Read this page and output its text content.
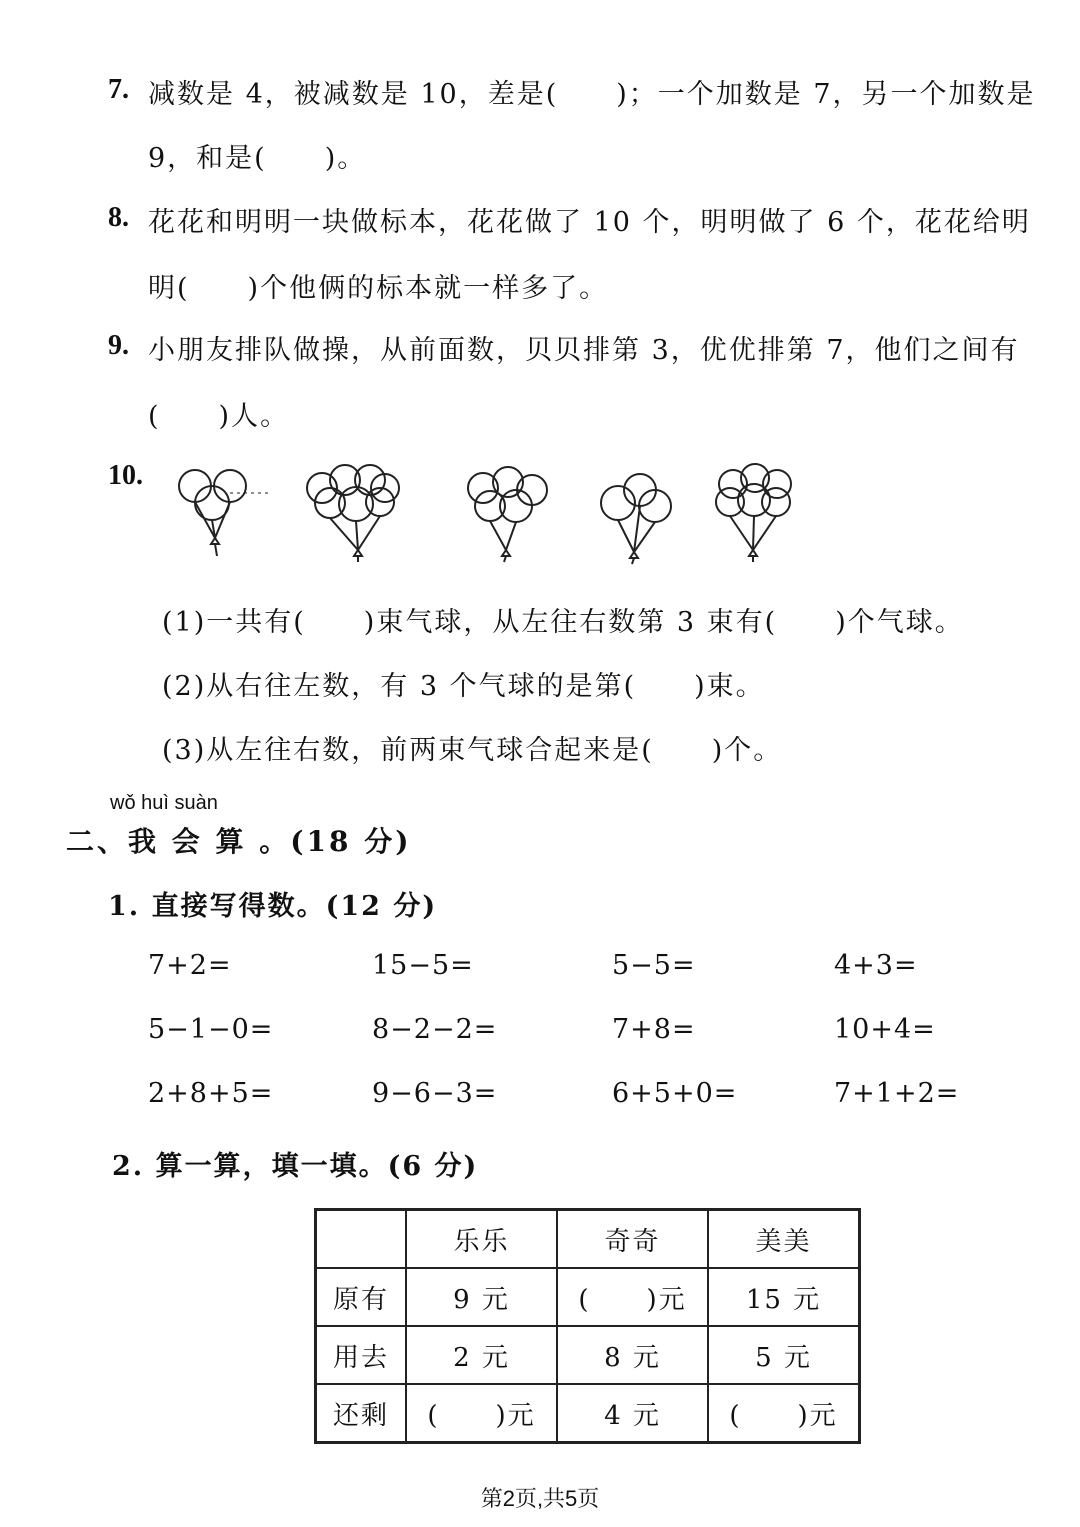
7. 减数是 4，被减数是 10，差是(　　)；一个加数是 7，另一个加数是
9，和是(　　)。
8. 花花和明明一块做标本，花花做了 10 个，明明做了 6 个，花花给明
明(　　)个他俩的标本就一样多了。
9. 小朋友排队做操，从前面数，贝贝排第 3，优优排第 7，他们之间有
(　　)人。
10.
(1)一共有(　　)束气球，从左往右数第 3 束有(　　)个气球。
(2)从右往左数，有 3 个气球的是第(　　)束。
(3)从左往右数，前两束气球合起来是(　　)个。
wǒ huì suàn
二、我 会 算 。(18 分)
1. 直接写得数。(12 分)
7+2=	15−5=	5−5=	4+3=
5−1−0=	8−2−2=	7+8=	10+4=
2+8+5=	9−6−3=	6+5+0=	7+1+2=
2. 算一算，填一填。(6 分)
	乐乐	奇奇	美美
原有	9 元	(　　)元	15 元
用去	2 元	8 元	5 元
还剩	(　　)元	4 元	(　　)元
第2页,共5页
